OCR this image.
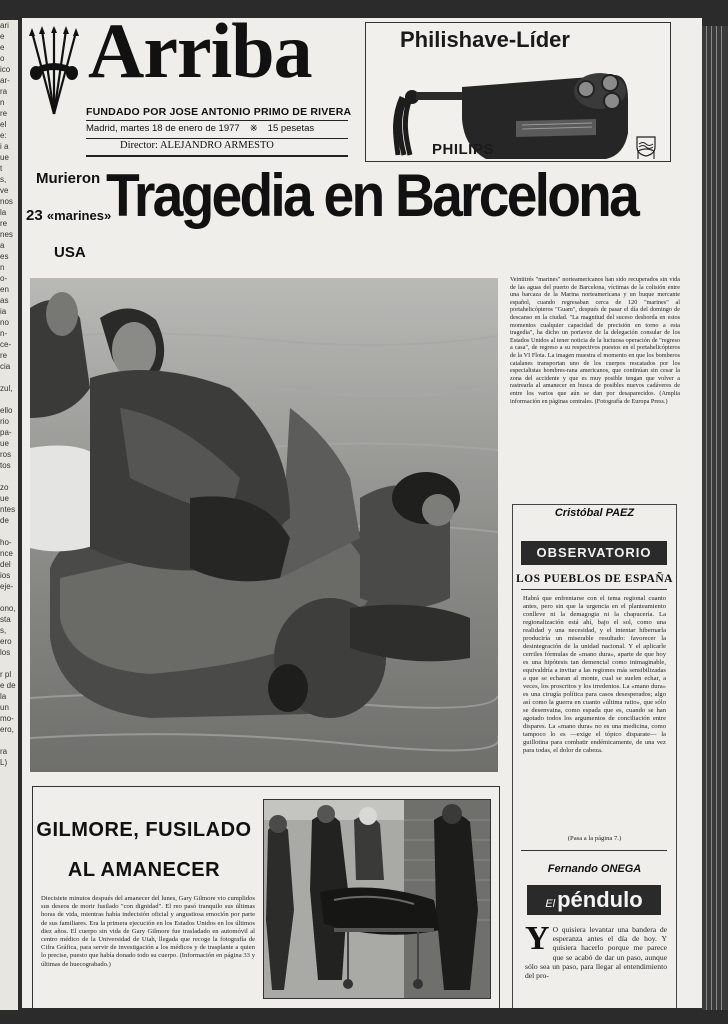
ari
e
e
o
ico
ar-
ra
n
re
el
e:
i a
ue
t
s,
ve
nos
la
re
nes
a
es
n
o-
en
as
ia
no
n-
ce-
re
cia

zul,

ello
rio
pa-
ue
ros
tos

zo
ue
ntes
de

ho-
nce
del
ios
eje-

ono,
sta
s,
ero
los

r pl
e de
la
un
mo-
ero,

ra
L)
Arriba
FUNDADO POR JOSE ANTONIO PRIMO DE RIVERA
Madrid, martes 18 de enero de 1977 ※ 15 pesetas
Director: ALEJANDRO ARMESTO
Philishave-Líder
PHILIPS
Murieron
23 «marines»
USA
Tragedia en Barcelona
Veintitrés "marines" norteamericanos han sido recuperados sin vida de las aguas del puerto de Barcelona, víctimas de la colisión entre una barcaza de la Marina norteamericana y un buque mercante español, cuando regresaban cerca de 120 "marines" al portahelicópteros "Guam", después de pasar el día del domingo de descanso en la ciudad. "La magnitud del suceso desborda en estos momentos cualquier capacidad de precisión en torno a esta tragedia", ha dicho un portavoz de la delegación consular de los Estados Unidos al tener noticia de la luctuosa operación de "regreso a casa", de regreso a su respectivos puestos en el portahelicópteros de la VI Flota. La imagen muestra el momento en que los bomberos catalanes transportan uno de los cuerpos rescatados por los especialistas hombres-rana americanos, que continúan sin cesar la zona del accidente y que es muy posible tengan que volver a rastrearla al amanecer en busca de posibles nuevos cadáveres de entre los varios que aún se dan por desaparecidos. (Amplia información en páginas centrales. (Fotografía de Europa Press.)
Cristóbal PAEZ
OBSERVATORIO
LOS PUEBLOS DE ESPAÑA
Habrá que enfrentarse con el tema regional cuanto antes, pero sin que la urgencia en el planteamiento conlleve ni la demagogia ni la chapucería. La regionalización está ahí, bajo el sol, como una realidad y una necesidad, y el intentar hibernarla produciría un miserable resultado: favorecer la desintegración de la unidad nacional. Y el aplicarle cerriles fórmulas de «mano dura», aparte de que hoy es una hipótesis tan demencial como inimaginable, equivaldría a invitar a las regiones más sensibilizadas a que se echaran al monte, cual se suelen echar, a veces, los proscritos y los irredentos. La «mano dura» es una cirugía política para casos desesperados; algo así como la guerra en cuanto «última ratio», que sólo se desenvaina, como espada que es, cuando se han agotado todos los argumentos de conciliación entre dispares. La «mano dura» no es una medicina, como tampoco lo es —exige el tópico disparate— la guillotina para combatir endémicamente, de una vez para todas, el dolor de cabeza.
(Pasa a la página 7.)
Fernando ONEGA
Elpéndulo
Y O quisiera levantar una bandera de esperanza antes el día de hoy. Y quisiera hacerlo porque me parece que se acabó de dar un paso, aunque sólo sea un paso, para llegar al entendimiento del pro-
GILMORE, FUSILADO
AL AMANECER
Diecisiete minutos después del amanecer del lunes, Gary Gilmore vio cumplidos sus deseos de morir fusilado "con dignidad". El reo pasó tranquilo sus últimas horas de vida, mientras había indecisión oficial y angustiosa emoción por parte de sus familiares. Era la primera ejecución en los Estados Unidos en los últimos diez años. El cuerpo sin vida de Gary Gilmore fue trasladado en automóvil al centro médico de la Universidad de Utah, llegada que recoge la fotografía de Cifra Gráfica, para servir de investigación a los médicos y de trasplante a quien lo precise, puesto que había donado todo su cuerpo. (Información en página 33 y últimas de huecograbado.)
